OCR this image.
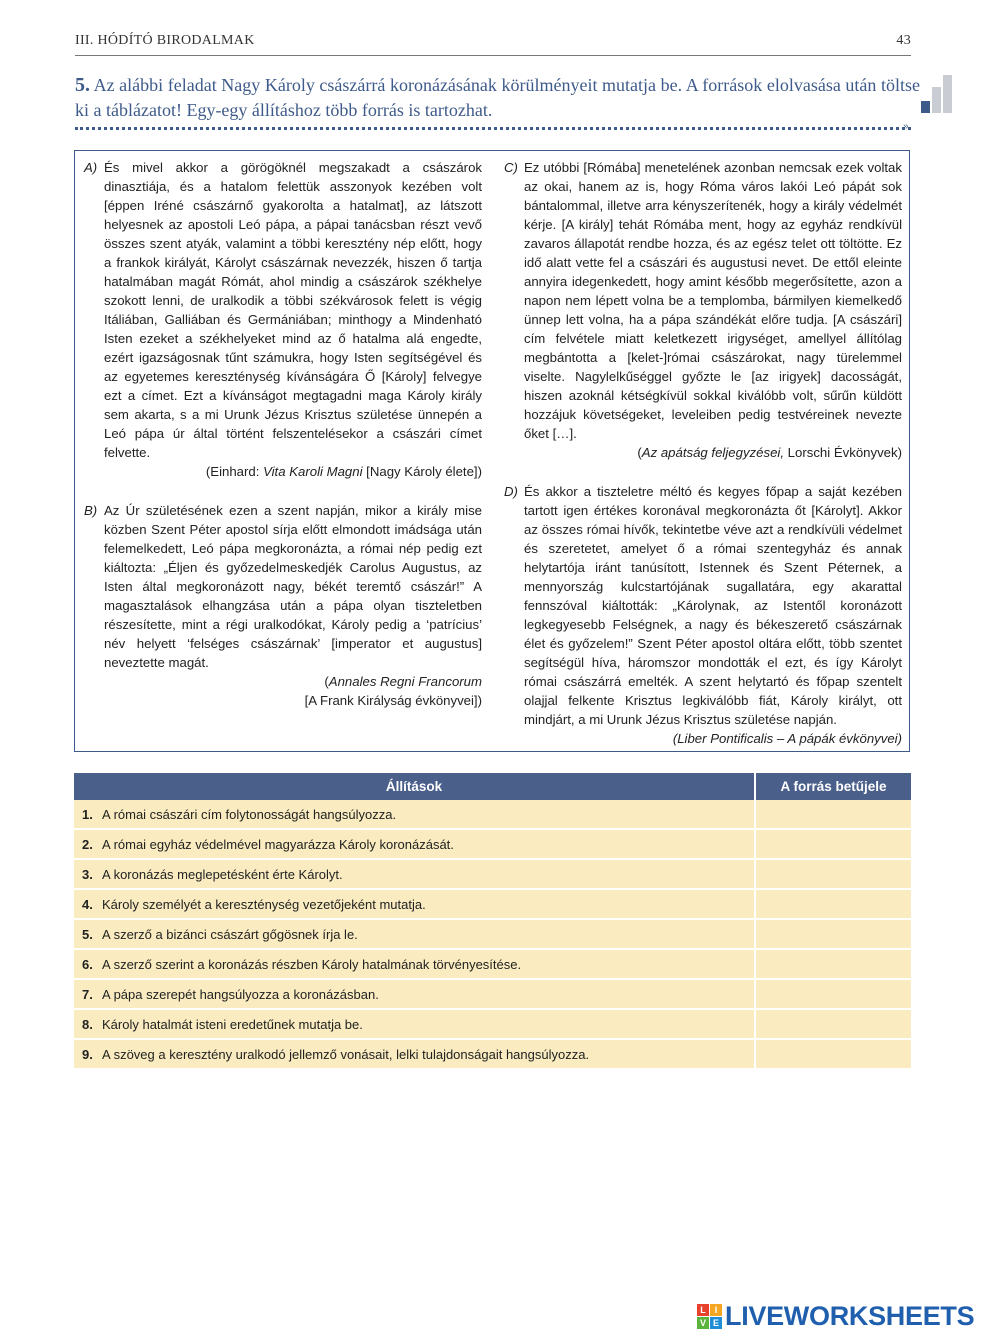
III. HÓDÍTÓ BIRODALMAK	43
5. Az alábbi feladat Nagy Károly császárrá koronázásának körülményeit mutatja be. A források elolvasása után töltse ki a táblázatot! Egy-egy állításhoz több forrás is tartozhat.
»
A) És mivel akkor a görögöknél megszakadt a császárok dinasztiája, és a hatalom felettük asszonyok kezében volt [éppen Iréné császárnő gyakorolta a hatalmat], az látszott helyesnek az apostoli Leó pápa, a pápai tanácsban részt vevő összes szent atyák, valamint a többi keresztény nép előtt, hogy a frankok királyát, Károlyt császárnak nevezzék, hiszen ő tartja hatalmában magát Rómát, ahol mindig a császárok székhelye szokott lenni, de uralkodik a többi székvárosok felett is végig Itáliában, Galliában és Germániában; minthogy a Mindenható Isten ezeket a székhelyeket mind az ő hatalma alá engedte, ezért igazságosnak tűnt számukra, hogy Isten segítségével és az egyetemes kereszténység kívánságára Ő [Károly] felvegye ezt a címet. Ezt a kívánságot megtagadni maga Károly király sem akarta, s a mi Urunk Jézus Krisztus születése ünnepén a Leó pápa úr által történt felszentelésekor a császári címet felvette.
(Einhard: Vita Karoli Magni [Nagy Károly élete])
B) Az Úr születésének ezen a szent napján, mikor a király mise közben Szent Péter apostol sírja előtt elmondott imádsága után felemelkedett, Leó pápa megkoronázta, a római nép pedig ezt kiáltozta: „Éljen és győzedelmeskedjék Carolus Augustus, az Isten által megkoronázott nagy, békét teremtő császár!” A magasztalások elhangzása után a pápa olyan tiszteletben részesítette, mint a régi uralkodókat, Károly pedig a ‘patrícius’ név helyett ‘felséges császárnak’ [imperator et augustus] neveztette magát.
(Annales Regni Francorum
[A Frank Királyság évkönyvei])
C) Ez utóbbi [Rómába] menetelének azonban nemcsak ezek voltak az okai, hanem az is, hogy Róma város lakói Leó pápát sok bántalommal, illetve arra kényszerítenék, hogy a király védelmét kérje. [A király] tehát Rómába ment, hogy az egyház rendkívül zavaros állapotát rendbe hozza, és az egész telet ott töltötte. Ez idő alatt vette fel a császári és augustusi nevet. De ettől eleinte annyira idegenkedett, hogy amint később megerősítette, azon a napon nem lépett volna be a templomba, bármilyen kiemelkedő ünnep lett volna, ha a pápa szándékát előre tudja. [A császári] cím felvétele miatt keletkezett irigységet, amellyel állítólag megbántotta a [kelet-]római császárokat, nagy türelemmel viselte. Nagylelkűséggel győzte le [az irigyek] dacosságát, hiszen azoknál kétségkívül sokkal kiválóbb volt, sűrűn küldött hozzájuk követségeket, leveleiben pedig testvéreinek nevezte őket […].
(Az apátság feljegyzései, Lorschi Évkönyvek)
D) És akkor a tiszteletre méltó és kegyes főpap a saját kezében tartott igen értékes koronával megkoronázta őt [Károlyt]. Akkor az összes római hívők, tekintetbe véve azt a rendkívüli védelmet és szeretetet, amelyet ő a római szentegyház és annak helytartója iránt tanúsított, Istennek és Szent Péternek, a mennyország kulcstartójának sugallatára, egy akarattal fennszóval kiáltották: „Károlynak, az Istentől koronázott legkegyesebb Felségnek, a nagy és békeszerető császárnak élet és győzelem!” Szent Péter apostol oltára előtt, több szentet segítségül híva, háromszor mondották el ezt, és így Károlyt római császárrá emelték. A szent helytartó és főpap szentelt olajjal felkente Krisztus legkiválóbb fiát, Károly királyt, ott mindjárt, a mi Urunk Jézus Krisztus születése napján.
(Liber Pontificalis – A pápák évkönyvei)
Állítások	A forrás betűjele
1. A római császári cím folytonosságát hangsúlyozza.	
2. A római egyház védelmével magyarázza Károly koronázását.	
3. A koronázás meglepetésként érte Károlyt.	
4. Károly személyét a kereszténység vezetőjeként mutatja.	
5. A szerző a bizánci császárt gőgösnek írja le.	
6. A szerző szerint a koronázás részben Károly hatalmának törvényesítése.	
7. A pápa szerepét hangsúlyozza a koronázásban.	
8. Károly hatalmát isteni eredetűnek mutatja be.	
9. A szöveg a keresztény uralkodó jellemző vonásait, lelki tulajdonságait hangsúlyozza.	
L I
V E LIVEWORKSHEETS
